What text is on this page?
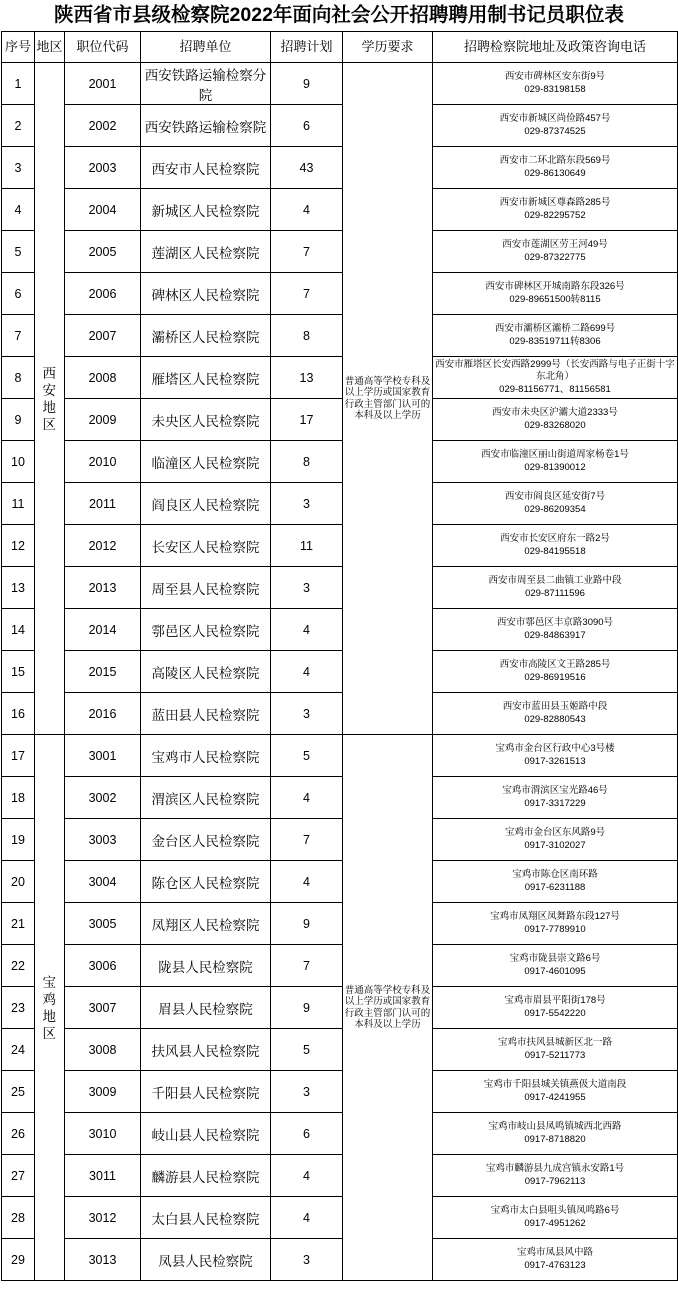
陕西省市县级检察院2022年面向社会公开招聘聘用制书记员职位表
序号	地区	职位代码	招聘单位	招聘计划	学历要求	招聘检察院地址及政策咨询电话
1	西安地区	2001	西安铁路运输检察分院	9	普通高等学校专科及以上学历或国家教育行政主管部门认可的本科及以上学历	西安市碑林区安东街9号
029-83198158

2		2002	西安铁路运输检察院	6		西安市新城区尚俭路457号
029-87374525

3		2003	西安市人民检察院	43		西安市二环北路东段569号
029-86130649

4		2004	新城区人民检察院	4		西安市新城区尊森路285号
029-82295752

5		2005	莲湖区人民检察院	7		西安市莲湖区劳王河49号
029-87322775

6		2006	碑林区人民检察院	7		西安市碑林区开城南路东段326号
029-89651500转8115

7		2007	灞桥区人民检察院	8		西安市灞桥区灞桥二路699号
029-83519711转8306

8		2008	雁塔区人民检察院	13		西安市雁塔区长安西路2999号（长安西路与电子正街十字东北角）
029-81156771、81156581

9		2009	未央区人民检察院	17		西安市未央区沪灞大道2333号
029-83268020

10		2010	临潼区人民检察院	8		西安市临潼区丽山街道周家杨卷1号
029-81390012

11		2011	阎良区人民检察院	3		西安市阎良区延安街7号
029-86209354

12		2012	长安区人民检察院	11		西安市长安区府东一路2号
029-84195518

13		2013	周至县人民检察院	3		西安市周至县二曲镇工业路中段
029-87111596

14		2014	鄠邑区人民检察院	4		西安市鄠邑区丰京路3090号
029-84863917

15		2015	高陵区人民检察院	4		西安市高陵区文王路285号
029-86919516

16		2016	蓝田县人民检察院	3		西安市蓝田县玉姬路中段
029-82880543

17	宝鸡地区	3001	宝鸡市人民检察院	5	普通高等学校专科及以上学历或国家教育行政主管部门认可的本科及以上学历	宝鸡市金台区行政中心3号楼
0917-3261513

18		3002	渭滨区人民检察院	4		宝鸡市渭滨区宝光路46号
0917-3317229

19		3003	金台区人民检察院	7		宝鸡市金台区东风路9号
0917-3102027

20		3004	陈仓区人民检察院	4		宝鸡市陈仓区南环路
0917-6231188

21		3005	凤翔区人民检察院	9		宝鸡市凤翔区凤舞路东段127号
0917-7789910

22		3006	陇县人民检察院	7		宝鸡市陇县崇文路6号
0917-4601095

23		3007	眉县人民检察院	9		宝鸡市眉县平阳街178号
0917-5542220

24		3008	扶风县人民检察院	5		宝鸡市扶风县城新区北一路
0917-5211773

25		3009	千阳县人民检察院	3		宝鸡市千阳县城关镇燕伋大道南段
0917-4241955

26		3010	岐山县人民检察院	6		宝鸡市岐山县凤鸣镇城西北西路
0917-8718820

27		3011	麟游县人民检察院	4		宝鸡市麟游县九成宫镇永安路1号
0917-7962113

28		3012	太白县人民检察院	4		宝鸡市太白县咀头镇凤鸣路6号
0917-4951262

29		3013	凤县人民检察院	3		宝鸡市凤县风中路
0917-4763123
